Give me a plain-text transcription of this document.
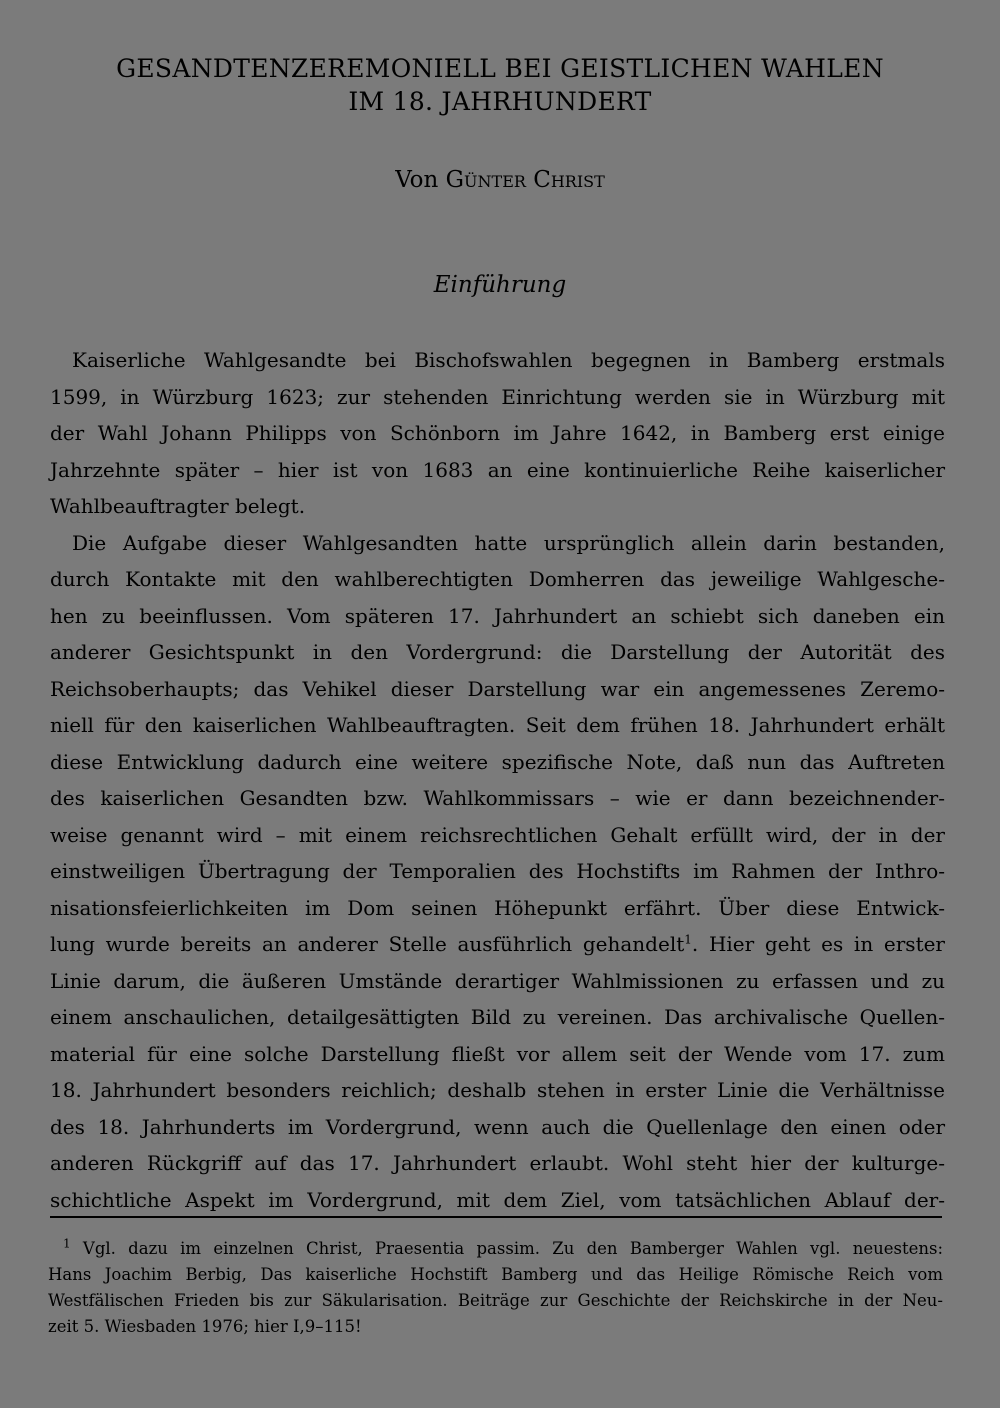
GESANDTENZEREMONIELL BEI GEISTLICHEN WAHLEN
IM 18. JAHRHUNDERT
Von Günter Christ
Einführung

Kaiserliche Wahlgesandte bei Bischofswahlen begegnen in Bamberg erstmals
1599, in Würzburg 1623; zur stehenden Einrichtung werden sie in Würzburg mit
der Wahl Johann Philipps von Schönborn im Jahre 1642, in Bamberg erst einige
Jahrzehnte später – hier ist von 1683 an eine kontinuierliche Reihe kaiserlicher
Wahlbeauftragter belegt.

Die Aufgabe dieser Wahlgesandten hatte ursprünglich allein darin bestanden,
durch Kontakte mit den wahlberechtigten Domherren das jeweilige Wahlgesche-
hen zu beeinflussen. Vom späteren 17. Jahrhundert an schiebt sich daneben ein
anderer Gesichtspunkt in den Vordergrund: die Darstellung der Autorität des
Reichsoberhaupts; das Vehikel dieser Darstellung war ein angemessenes Zeremo-
niell für den kaiserlichen Wahlbeauftragten. Seit dem frühen 18. Jahrhundert erhält
diese Entwicklung dadurch eine weitere spezifische Note, daß nun das Auftreten
des kaiserlichen Gesandten bzw. Wahlkommissars – wie er dann bezeichnender-
weise genannt wird – mit einem reichsrechtlichen Gehalt erfüllt wird, der in der
einstweiligen Übertragung der Temporalien des Hochstifts im Rahmen der Inthro-
nisationsfeierlichkeiten im Dom seinen Höhepunkt erfährt. Über diese Entwick-
lung wurde bereits an anderer Stelle ausführlich gehandelt$^1$. Hier geht es in erster
Linie darum, die äußeren Umstände derartiger Wahlmissionen zu erfassen und zu
einem anschaulichen, detailgesättigten Bild zu vereinen. Das archivalische Quellen-
material für eine solche Darstellung fließt vor allem seit der Wende vom 17. zum
18. Jahrhundert besonders reichlich; deshalb stehen in erster Linie die Verhältnisse
des 18. Jahrhunderts im Vordergrund, wenn auch die Quellenlage den einen oder
anderen Rückgriff auf das 17. Jahrhundert erlaubt. Wohl steht hier der kulturge-
schichtliche Aspekt im Vordergrund, mit dem Ziel, vom tatsächlichen Ablauf der-

$^1$ Vgl. dazu im einzelnen Christ, Praesentia passim. Zu den Bamberger Wahlen vgl. neuestens:
Hans Joachim Berbig, Das kaiserliche Hochstift Bamberg und das Heilige Römische Reich vom
Westfälischen Frieden bis zur Säkularisation. Beiträge zur Geschichte der Reichskirche in der Neu-
zeit 5. Wiesbaden 1976; hier I,9–115!
